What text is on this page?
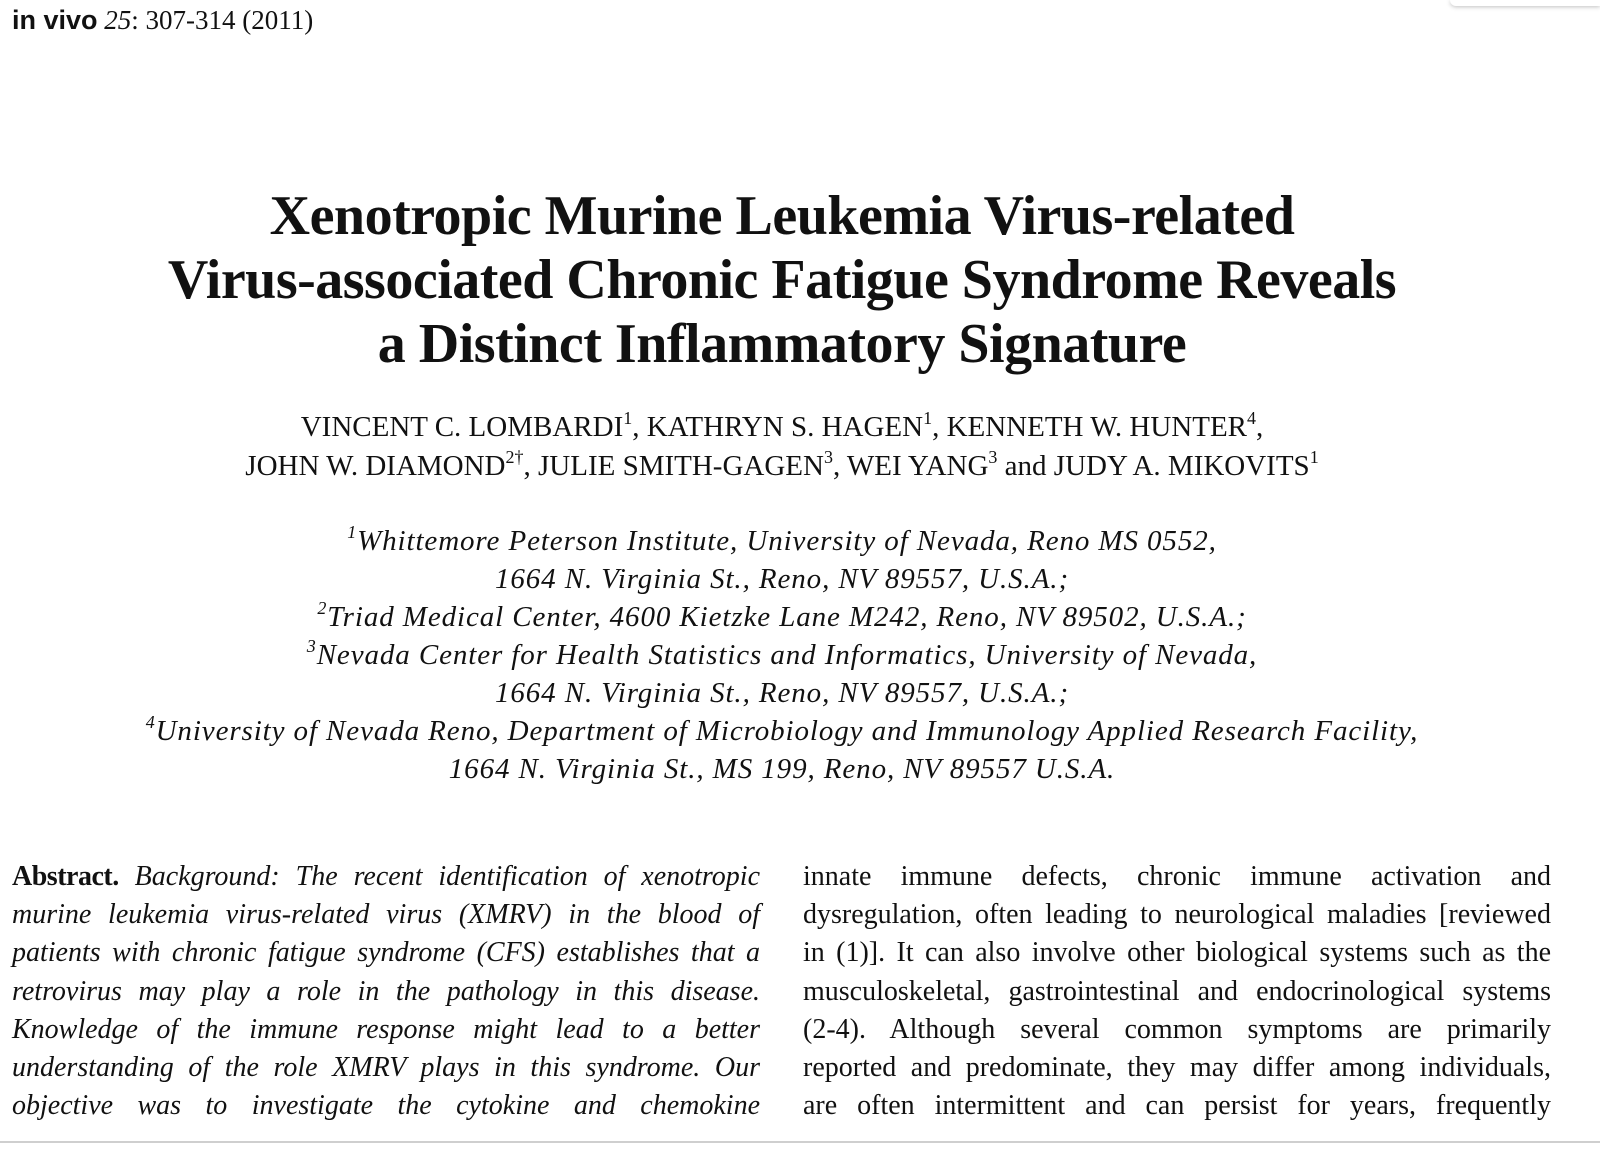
in vivo 25: 307-314 (2011)
Xenotropic Murine Leukemia Virus-related
Virus-associated Chronic Fatigue Syndrome Reveals
a Distinct Inflammatory Signature
VINCENT C. LOMBARDI$^1$, KATHRYN S. HAGEN$^1$, KENNETH W. HUNTER$^4$,
JOHN W. $DIAMOND^{2\dagger}$, JULIE SMITH-GAGEN$^3$, WEI YANG$^3$ and JUDY A. MIKOVITS$^1$
$^1$Whittemore Peterson Institute, University of Nevada, Reno MS 0552,
1664 N. Virginia St., Reno, NV 89557, U.S.A.;
$^2$Triad Medical Center, 4600 Kietzke Lane M242, Reno, NV 89502, U.S.A.;
$^3$Nevada Center for Health Statistics and Informatics, University of Nevada,
1664 N. Virginia St., Reno, NV 89557, U.S.A.;
$^4$University of Nevada Reno, Department of Microbiology and Immunology Applied Research Facility,
1664 N. Virginia St., MS 199, Reno, NV 89557 U.S.A.
Abstract. Background: The recent identification of xenotropic
murine leukemia virus-related virus (XMRV) in the blood of
patients with chronic fatigue syndrome (CFS) establishes that a
retrovirus may play a role in the pathology in this disease.
Knowledge of the immune response might lead to a better
understanding of the role XMRV plays in this syndrome. Our
objective was to investigate the cytokine and chemokine
innate immune defects, chronic immune activation and
dysregulation, often leading to neurological maladies [reviewed
in (1)]. It can also involve other biological systems such as the
musculoskeletal, gastrointestinal and endocrinological systems
(2-4). Although several common symptoms are primarily
reported and predominate, they may differ among individuals,
are often intermittent and can persist for years, frequently
